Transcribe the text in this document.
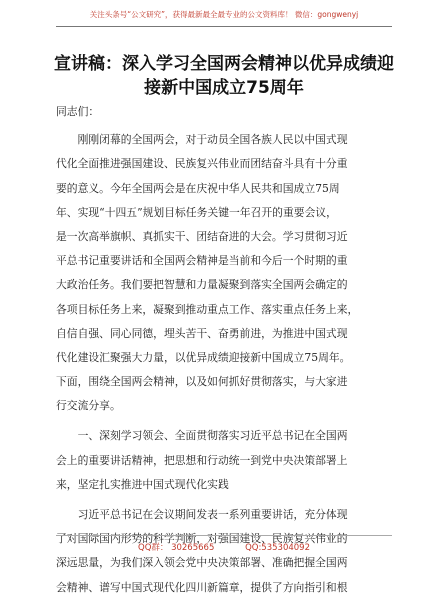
关注头条号“公文研究”，获得最新最全最专业的公文资料库！ 微信：gongwenyj
宣讲稿：深入学习全国两会精神以优异成绩迎
接新中国成立75周年
同志们：
　　刚刚闭幕的全国两会，对于动员全国各族人民以中国式现
代化全面推进强国建设、民族复兴伟业而团结奋斗具有十分重
要的意义。今年全国两会是在庆祝中华人民共和国成立75周
年、实现“十四五”规划目标任务关键一年召开的重要会议，
是一次高举旗帜、真抓实干、团结奋进的大会。学习贯彻习近
平总书记重要讲话和全国两会精神是当前和今后一个时期的重
大政治任务。我们要把智慧和力量凝聚到落实全国两会确定的
各项目标任务上来，凝聚到推动重点工作、落实重点任务上来，
自信自强、同心同德，埋头苦干、奋勇前进，为推进中国式现
代化建设汇聚强大力量，以优异成绩迎接新中国成立75周年。
下面，围绕全国两会精神，以及如何抓好贯彻落实，与大家进
行交流分享。
　　一、深刻学习领会、全面贯彻落实习近平总书记在全国两
会上的重要讲话精神，把思想和行动统一到党中央决策部署上
来，坚定扎实推进中国式现代化实践
　　习近平总书记在会议期间发表一系列重要讲话，充分体现
了对国际国内形势的科学判断，对强国建设、民族复兴伟业的
深远思量，为我们深入领会党中央决策部署、准确把握全国两
会精神、谱写中国式现代化四川新篇章，提供了方向指引和根
QQ群： 30265665	QQ:535304092
